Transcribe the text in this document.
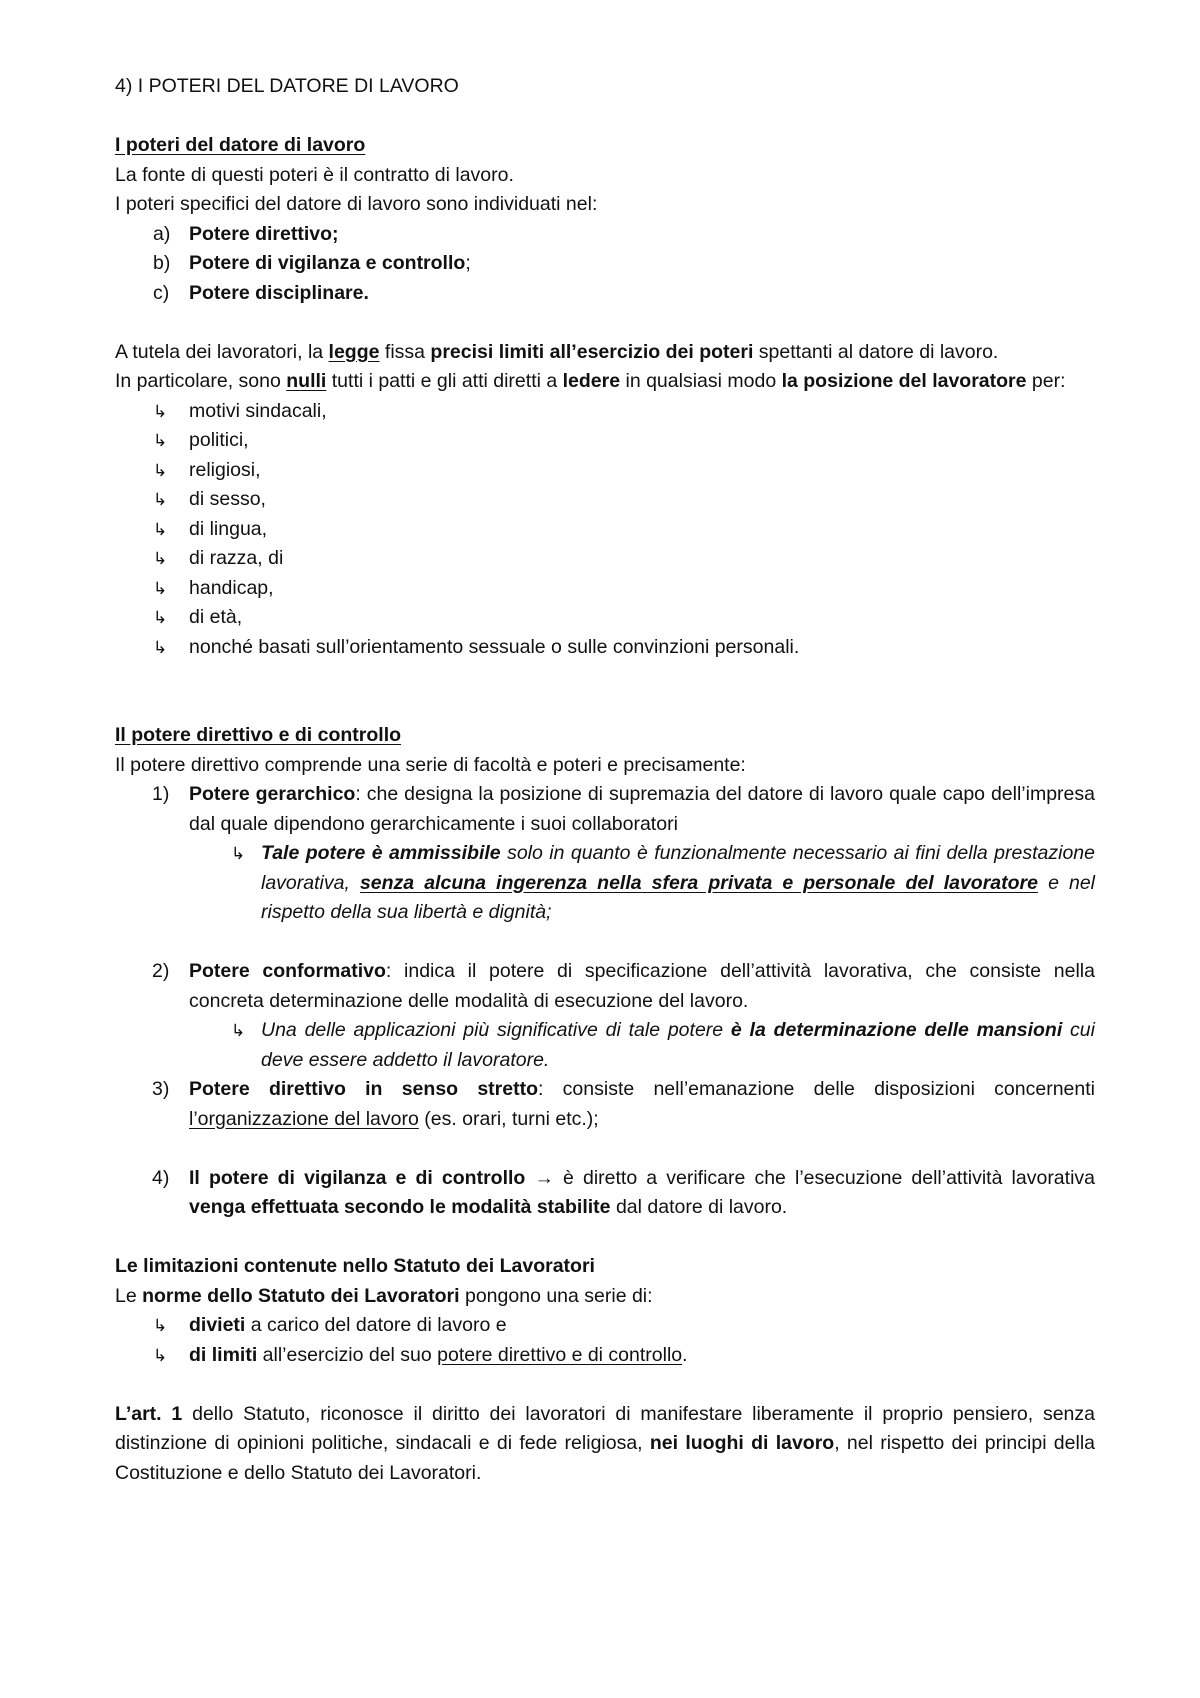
4) I POTERI DEL DATORE DI LAVORO

I poteri del datore di lavoro

La fonte di questi poteri è il contratto di lavoro.

I poteri specifici del datore di lavoro sono individuati nel:

a) Potere direttivo;
b) Potere di vigilanza e controllo;
c)	Potere disciplinare.

A tutela dei lavoratori, la legge fissa precisi limiti all’esercizio dei poteri spettanti al datore di lavoro.

In particolare, sono nulli tutti i patti e gli atti diretti a ledere in qualsiasi modo la posizione del lavoratore per:

↳	motivi sindacali,
↳	politici,
↳	religiosi,
↳	di sesso,
↳	di lingua,
↳	di razza, di
↳	handicap,
↳	di età,
↳	nonché basati sull’orientamento sessuale o sulle convinzioni personali.

Il potere direttivo e di controllo

Il potere direttivo comprende una serie di facoltà e poteri e precisamente:

1)	Potere gerarchico: che designa la posizione di supremazia del datore di lavoro quale capo dell’impresa dal quale dipendono gerarchicamente i suoi collaboratori
↳ Tale potere è ammissibile solo in quanto è funzionalmente necessario ai fini della prestazione lavorativa, senza alcuna ingerenza nella sfera privata e personale del lavoratore e nel rispetto della sua libertà e dignità;
2)	Potere conformativo: indica il potere di specificazione dell’attività lavorativa, che consiste nella concreta determinazione delle modalità di esecuzione del lavoro.
↳ Una delle applicazioni più significative di tale potere è la determinazione delle mansioni cui deve essere addetto il lavoratore.
3)	Potere direttivo in senso stretto: consiste nell’emanazione delle disposizioni concernenti l’organizzazione del lavoro (es. orari, turni etc.);
4)	Il potere di vigilanza e di controllo → è diretto a verificare che l’esecuzione dell’attività lavorativa venga effettuata secondo le modalità stabilite dal datore di lavoro.

Le limitazioni contenute nello Statuto dei Lavoratori

Le norme dello Statuto dei Lavoratori pongono una serie di:

↳	divieti a carico del datore di lavoro e
↳	di limiti all’esercizio del suo potere direttivo e di controllo.

L’art. 1 dello Statuto, riconosce il diritto dei lavoratori di manifestare liberamente il proprio pensiero, senza distinzione di opinioni politiche, sindacali e di fede religiosa, nei luoghi di lavoro, nel rispetto dei principi della Costituzione e dello Statuto dei Lavoratori.
